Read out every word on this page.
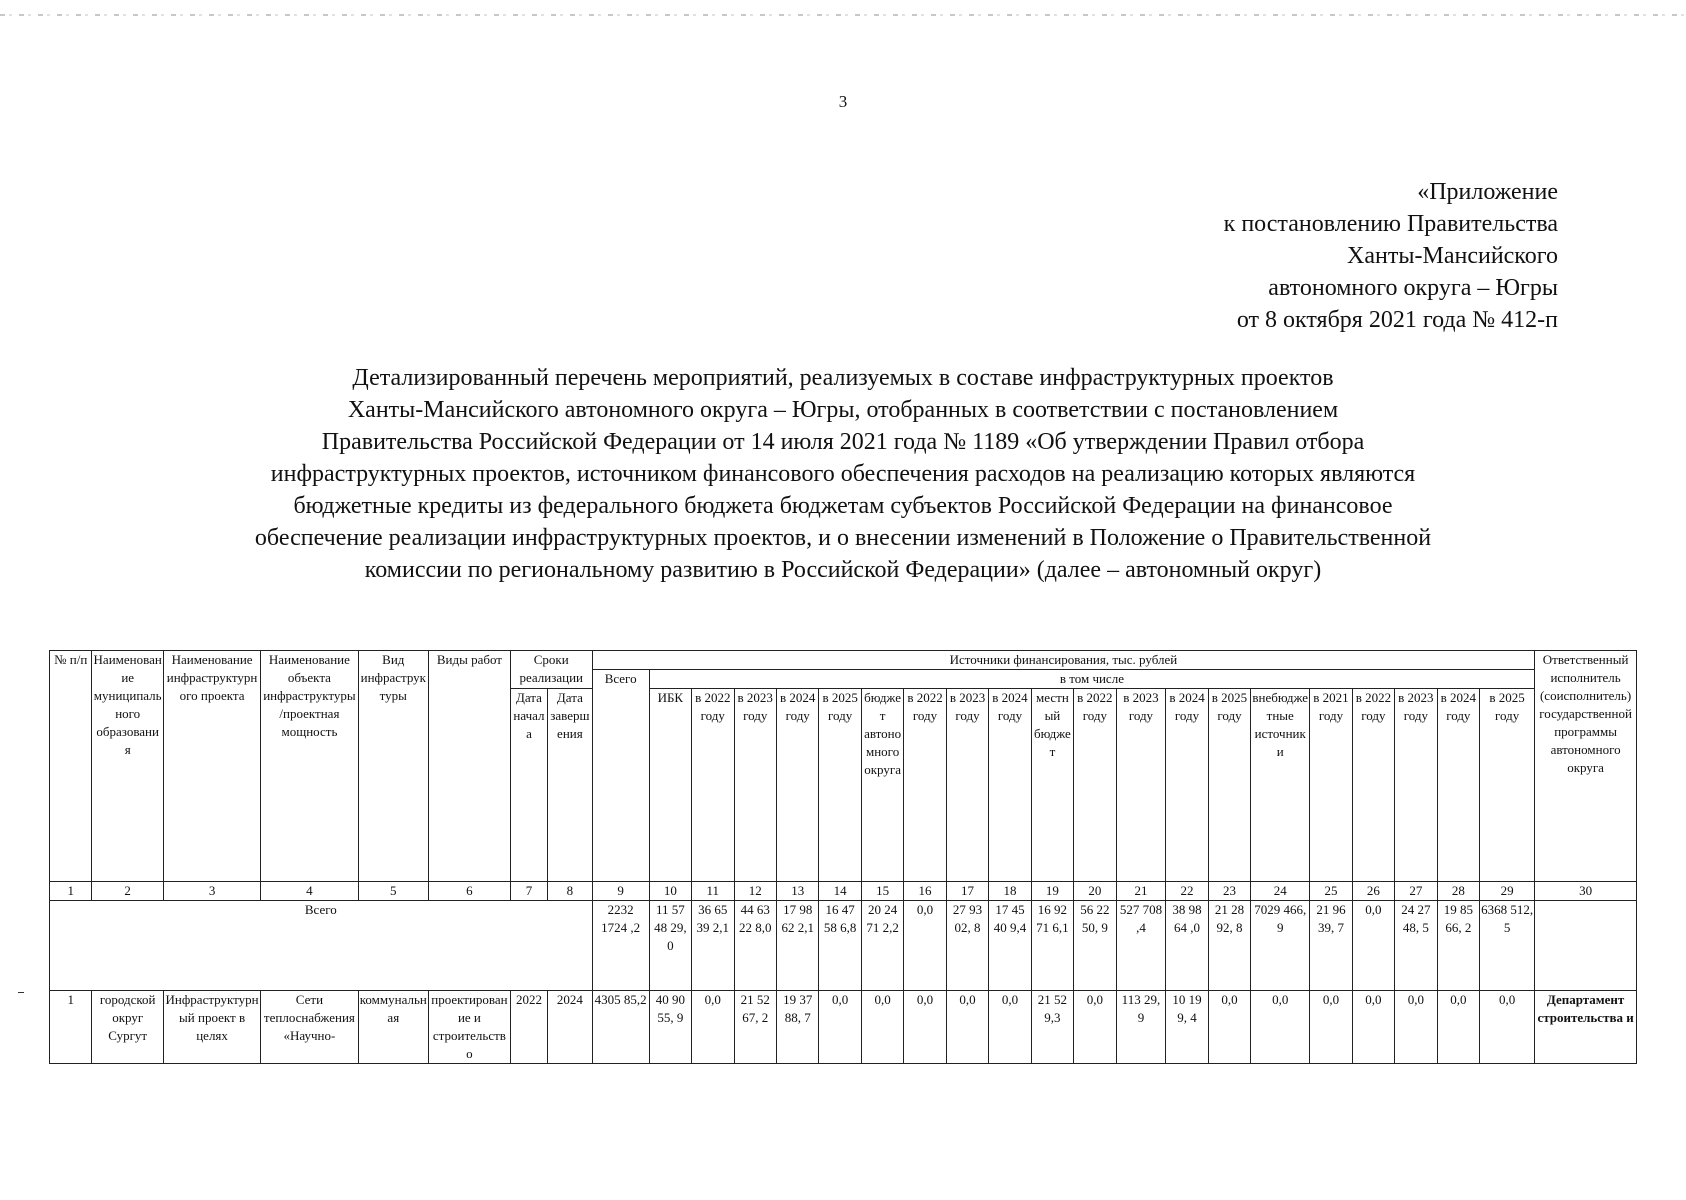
3
«Приложение
к постановлению Правительства
Ханты-Мансийского
автономного округа – Югры
от 8 октября 2021 года № 412-п
Детализированный перечень мероприятий, реализуемых в составе инфраструктурных проектов
Ханты-Мансийского автономного округа – Югры, отобранных в соответствии с постановлением
Правительства Российской Федерации от 14 июля 2021 года № 1189 «Об утверждении Правил отбора
инфраструктурных проектов, источником финансового обеспечения расходов на реализацию которых являются
бюджетные кредиты из федерального бюджета бюджетам субъектов Российской Федерации на финансовое
обеспечение реализации инфраструктурных проектов, и о внесении изменений в Положение о Правительственной
комиссии по региональному развитию в Российской Федерации» (далее – автономный округ)
№ п/п	Наименование муниципального образования	Наименование инфраструктурного проекта	Наименование объекта инфраструктуры/проектная мощность	Вид инфраструктуры	Виды работ	Сроки реализации		Источники финансирования, тыс. рублей																					Ответственный исполнитель (соисполнитель) государственной программы автономного округа
								Всего	в том числе																				
						Дата начала	Дата завершения		ИБК	в 2022 году	в 2023 году	в 2024 году	в 2025 году	бюджет автономного округа	в 2022 году	в 2023 году	в 2024 году	местный бюджет	в 2022 году	в 2023 году	в 2024 году	в 2025 году	внебюджетные источники	в 2021 году	в 2022 году	в 2023 году	в 2024 году	в 2025 году	
1	2	3	4	5	6	7	8	9	10	11	12	13	14	15	16	17	18	19	20	21	22	23	24	25	26	27	28	29	30
Всего								2232 1724 ,2	11 57 48 29, 0	36 65 39 2,1	44 63 22 8,0	17 98 62 2,1	16 47 58 6,8	20 24 71 2,2	0,0	27 93 02, 8	17 45 40 9,4	16 92 71 6,1	56 22 50, 9	527 708 ,4	38 98 64 ,0	21 28 92, 8	7029 466, 9	21 96 39, 7	0,0	24 27 48, 5	19 85 66, 2	6368 512, 5	
1	городской округ Сургут	Инфраструктурный проект в целях	Сети теплоснабжения «Научно-	коммунальная	проектирование и строительство	2022	2024	4305 85,2	40 90 55, 9	0,0	21 52 67, 2	19 37 88, 7	0,0	0,0	0,0	0,0	0,0	21 52 9,3	0,0	113 29, 9	10 19 9, 4	0,0	0,0	0,0	0,0	0,0	0,0	0,0	Департамент строительства и
